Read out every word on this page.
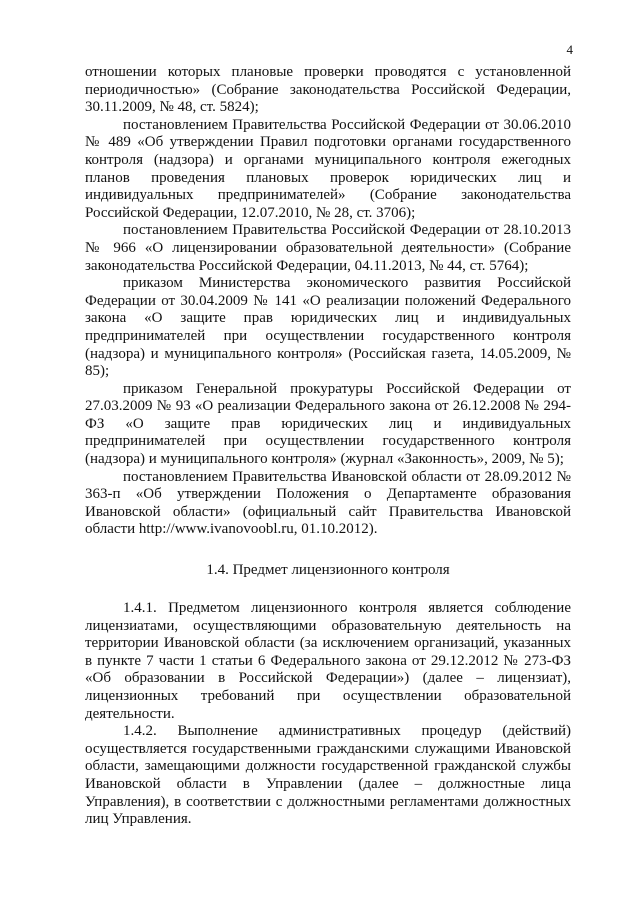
4

отношении которых плановые проверки проводятся с установленной периодичностью» (Собрание законодательства Российской Федерации, 30.11.2009, № 48, ст. 5824);

постановлением Правительства Российской Федерации от 30.06.2010 № 489 «Об утверждении Правил подготовки органами государственного контроля (надзора) и органами муниципального контроля ежегодных планов проведения плановых проверок юридических лиц и индивидуальных предпринимателей» (Собрание законодательства Российской Федерации, 12.07.2010, № 28, ст. 3706);

постановлением Правительства Российской Федерации от 28.10.2013 № 966 «О лицензировании образовательной деятельности» (Собрание законодательства Российской Федерации, 04.11.2013, № 44, ст. 5764);

приказом Министерства экономического развития Российской Федерации от 30.04.2009 № 141 «О реализации положений Федерального закона «О защите прав юридических лиц и индивидуальных предпринимателей при осуществлении государственного контроля (надзора) и муниципального контроля» (Российская газета, 14.05.2009, № 85);

приказом Генеральной прокуратуры Российской Федерации от 27.03.2009 № 93 «О реализации Федерального закона от 26.12.2008 № 294-ФЗ «О защите прав юридических лиц и индивидуальных предпринимателей при осуществлении государственного контроля (надзора) и муниципального контроля» (журнал «Законность», 2009, № 5);

постановлением Правительства Ивановской области от 28.09.2012 № 363-п «Об утверждении Положения о Департаменте образования Ивановской области» (официальный сайт Правительства Ивановской области http://www.ivanovoobl.ru, 01.10.2012).

1.4. Предмет лицензионного контроля

1.4.1. Предметом лицензионного контроля является соблюдение лицензиатами, осуществляющими образовательную деятельность на территории Ивановской области (за исключением организаций, указанных в пункте 7 части 1 статьи 6 Федерального закона от 29.12.2012 № 273-ФЗ «Об образовании в Российской Федерации») (далее – лицензиат), лицензионных требований при осуществлении образовательной деятельности.

1.4.2. Выполнение административных процедур (действий) осуществляется государственными гражданскими служащими Ивановской области, замещающими должности государственной гражданской службы Ивановской области в Управлении (далее – должностные лица Управления), в соответствии с должностными регламентами должностных лиц Управления.
